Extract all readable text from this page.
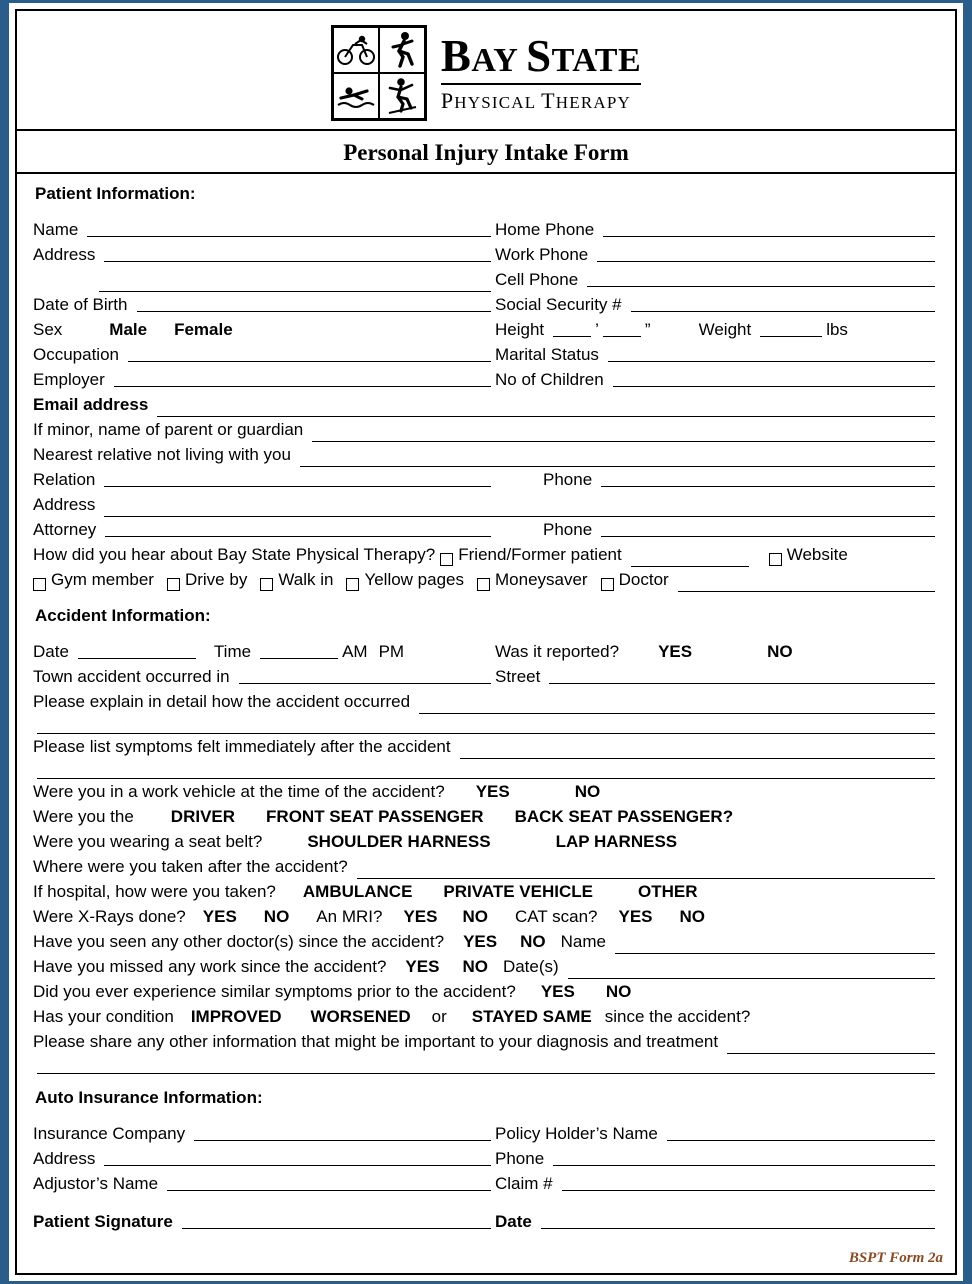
BAY STATE
PHYSICAL THERAPY
Personal Injury Intake Form
Patient Information:
Name	Home Phone
Address	Work Phone
Cell Phone
Date of Birth	Social Security #
Sex	Male Female	Height	’	”	Weight	lbs
Occupation	Marital Status
Employer	No of Children
Email address
If minor, name of parent or guardian
Nearest relative not living with you
Relation	Phone
Address
Attorney	Phone
How did you hear about Bay State Physical Therapy? Friend/Former patient	Website
Gym member Drive by Walk in Yellow pages Moneysaver Doctor
Accident Information:
Date	Time	AM PM	Was it reported? YES	NO
Town accident occurred in	Street
Please explain in detail how the accident occurred
Please list symptoms felt immediately after the accident
Were you in a work vehicle at the time of the accident? YES	NO
Were you the DRIVER FRONT SEAT PASSENGER BACK SEAT PASSENGER?
Were you wearing a seat belt?	SHOULDER HARNESS	LAP HARNESS
Where were you taken after the accident?
If hospital, how were you taken? AMBULANCE PRIVATE VEHICLE	OTHER
Were X-Rays done? YES NO An MRI? YES NO CAT scan? YES NO
Have you seen any other doctor(s) since the accident? YES NO Name
Have you missed any work since the accident? YES NO Date(s)
Did you ever experience similar symptoms prior to the accident? YES NO
Has your condition IMPROVED WORSENED or STAYED SAME since the accident?
Please share any other information that might be important to your diagnosis and treatment
Auto Insurance Information:
Insurance Company	Policy Holder’s Name
Address	Phone
Adjustor’s Name	Claim #
Patient Signature	Date
BSPT Form 2a
